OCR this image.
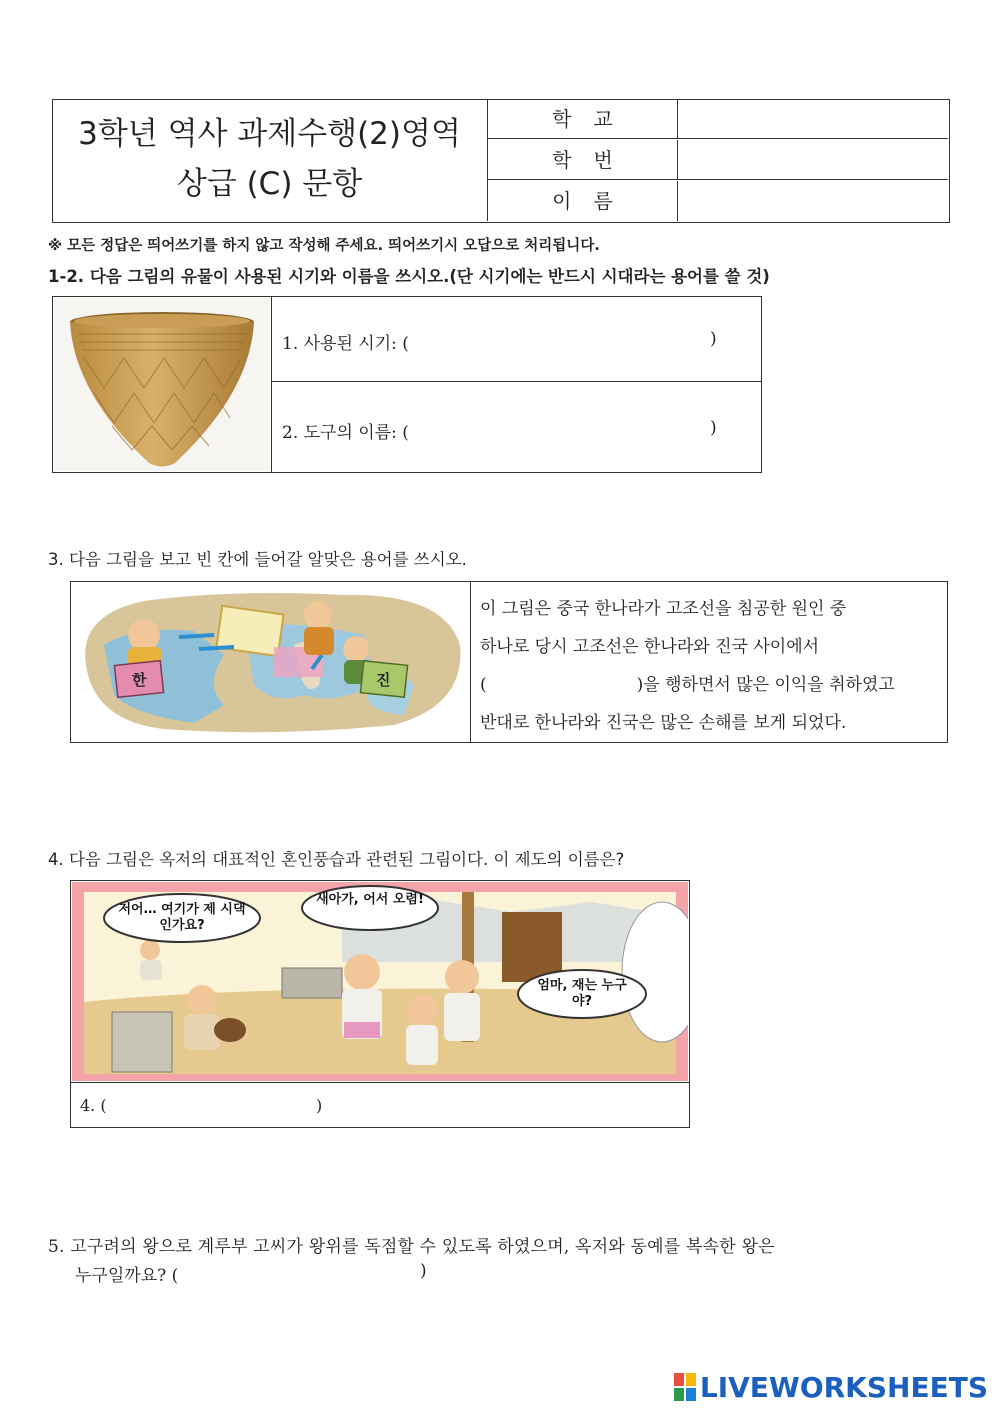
3학년 역사 과제수행(2)영역
상급 (C) 문항
학교
학번
이름
※ 모든 정답은 띄어쓰기를 하지 않고 작성해 주세요. 띄어쓰기시 오답으로 처리됩니다.
1-2. 다음 그림의 유물이 사용된 시기와 이름을 쓰시오.(단 시기에는 반드시 시대라는 용어를 쓸 것)
1. 사용된 시기: (	)
2. 도구의 이름: (	)
3. 다음 그림을 보고 빈 칸에 들어갈 알맞은 용어를 쓰시오.
한	진
이 그림은 중국 한나라가 고조선을 침공한 원인 중
하나로 당시 고조선은 한나라와 진국 사이에서
(	)을 행하면서 많은 이익을 취하였고
반대로 한나라와 진국은 많은 손해를 보게 되었다.
4. 다음 그림은 옥저의 대표적인 혼인풍습과 관련된 그림이다. 이 제도의 이름은?
저어… 여기가 제 시댁인가요?
새아가, 어서 오렴!
엄마, 재는 누구야?
4. (	)
5. 고구려의 왕으로 계루부 고씨가 왕위를 독점할 수 있도록 하였으며, 옥저와 동예를 복속한 왕은
누구일까요? (	)
LIVEWORKSHEETS
